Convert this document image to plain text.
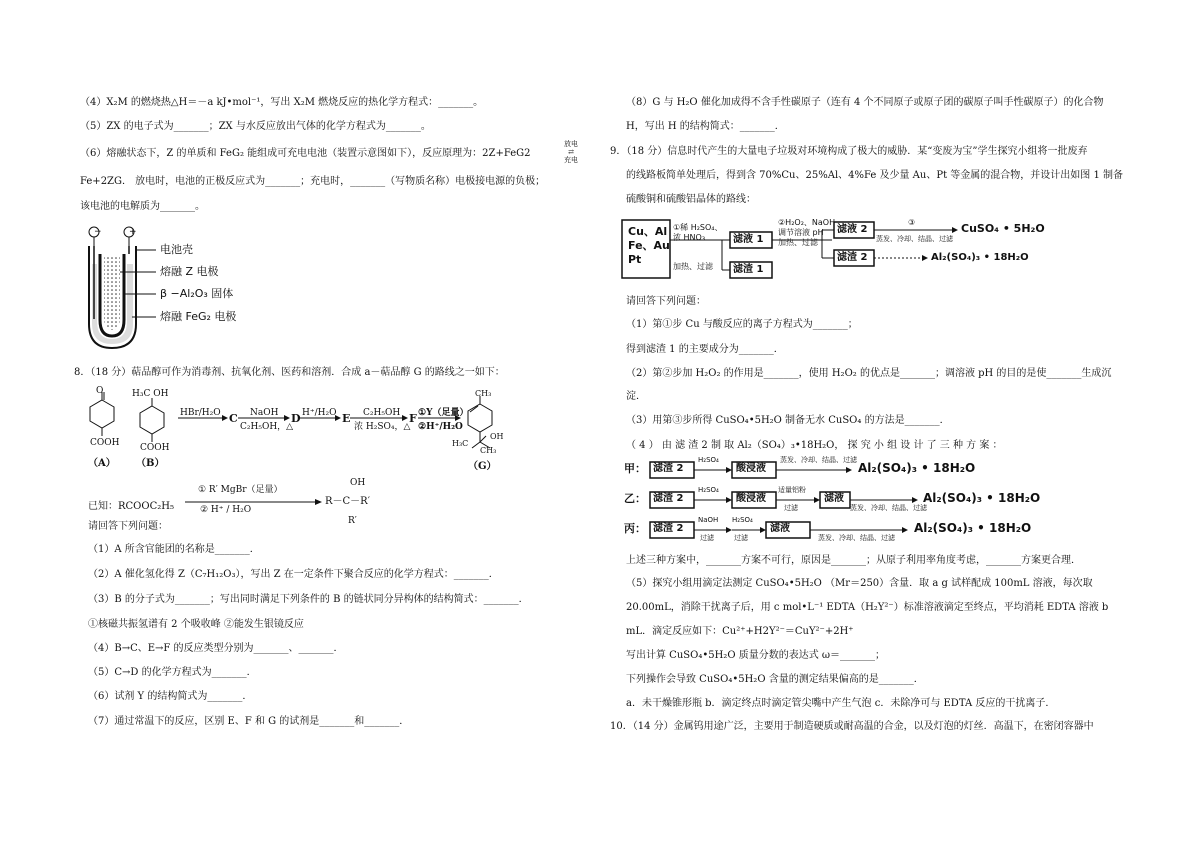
（4）X₂M 的燃烧热△H＝－a kJ•mol⁻¹，写出 X₂M 燃烧反应的热化学方程式：_______。
（5）ZX 的电子式为_______；ZX 与水反应放出气体的化学方程式为_______。
（6）熔融状态下，Z 的单质和 FeG₂ 能组成可充电电池（装置示意图如下），反应原理为：2Z+FeG2
放电
⇄
充电
Fe+2ZG． 放电时，电池的正极反应式为_______；充电时，_______（写物质名称）电极接电源的负极；
该电池的电解质为_______。
−	+
电池壳
熔融 Z 电极
β −Al₂O₃ 固体
熔融 FeG₂ 电极
8．（18 分）萜品醇可作为消毒剂、抗氧化剂、医药和溶剂．合成 a－萜品醇 G 的路线之一如下：
O
COOH
H₃C OH
COOH
（A） （B）
HBr/H₂O C NaOH
C₂H₅OH，△
D H⁺/H₂O E C₂H₅OH
浓 H₂SO₄，△
F ①Y（足量）
②H⁺/H₂O
CH₃
H₃C
OH
CH₃
（G）
① R′ MgBr（足量）
② H⁺ / H₂O
OH
R－C－R′
R′
已知：RCOOC₂H₅
请回答下列问题：
（1）A 所含官能团的名称是_______．
（2）A 催化氢化得 Z（C₇H₁₂O₃），写出 Z 在一定条件下聚合反应的化学方程式：_______．
（3）B 的分子式为_______；写出同时满足下列条件的 B 的链状同分异构体的结构简式：_______．
①核磁共振氢谱有 2 个吸收峰 ②能发生银镜反应
（4）B→C、E→F 的反应类型分别为_______、_______．
（5）C→D 的化学方程式为_______．
（6）试剂 Y 的结构简式为_______．
（7）通过常温下的反应，区别 E、F 和 G 的试剂是_______和_______．
（8）G 与 H₂O 催化加成得不含手性碳原子（连有 4 个不同原子或原子团的碳原子叫手性碳原子）的化合物
H，写出 H 的结构简式：_______．
9．（18 分）信息时代产生的大量电子垃圾对环境构成了极大的威胁．某“变废为宝”学生探究小组将一批废弃
的线路板简单处理后，得到含 70%Cu、25%Al、4%Fe 及少量 Au、Pt 等金属的混合物，并设计出如图 1 制备
硫酸铜和硫酸铝晶体的路线：
Cu、Al
Fe、Au
Pt
①稀 H₂SO₄、
浓 HNO₃
加热、过滤
滤液 1
滤渣 1
②H₂O₂、NaOH
调节溶液 pH
加热、过滤
滤液 2
滤渣 2
③
蒸发、冷却、结晶、过滤
CuSO₄ • 5H₂O
Al₂(SO₄)₃ • 18H₂O
请回答下列问题：
（1）第①步 Cu 与酸反应的离子方程式为_______；
得到滤渣 1 的主要成分为_______．
（2）第②步加 H₂O₂ 的作用是_______，使用 H₂O₂ 的优点是_______；调溶液 pH 的目的是使_______生成沉
淀．
（3）用第③步所得 CuSO₄•5H₂O 制备无水 CuSO₄ 的方法是_______．
（ 4 ） 由 滤 渣 2 制 取 Al₂（SO₄）₃•18H₂O， 探 究 小 组 设 计 了 三 种 方 案 ：
甲： 滤渣 2
H₂SO₄
酸浸液
蒸发、冷却、结晶、过滤
Al₂(SO₄)₃ • 18H₂O
乙： 滤渣 2
H₂SO₄
酸浸液
适量铝粉
过滤
滤液
蒸发、冷却、结晶、过滤
Al₂(SO₄)₃ • 18H₂O
丙： 滤渣 2
NaOH
过滤
H₂SO₄
过滤
滤液
蒸发、冷却、结晶、过滤
Al₂(SO₄)₃ • 18H₂O
上述三种方案中，_______方案不可行，原因是_______；从原子利用率角度考虑，_______方案更合理．
（5）探究小组用滴定法测定 CuSO₄•5H₂O （Mr＝250）含量．取 a g 试样配成 100mL 溶液，每次取
20.00mL，消除干扰离子后，用 c mol•L⁻¹ EDTA（H₂Y²⁻）标准溶液滴定至终点，平均消耗 EDTA 溶液 b
mL．滴定反应如下：Cu²⁺+H2Y²⁻＝CuY²⁻+2H⁺
写出计算 CuSO₄•5H₂O 质量分数的表达式 ω＝_______；
下列操作会导致 CuSO₄•5H₂O 含量的测定结果偏高的是_______．
a．未干燥锥形瓶 b．滴定终点时滴定管尖嘴中产生气泡 c．未除净可与 EDTA 反应的干扰离子．
10．（14 分）金属钨用途广泛，主要用于制造硬质或耐高温的合金，以及灯泡的灯丝．高温下，在密闭容器中
